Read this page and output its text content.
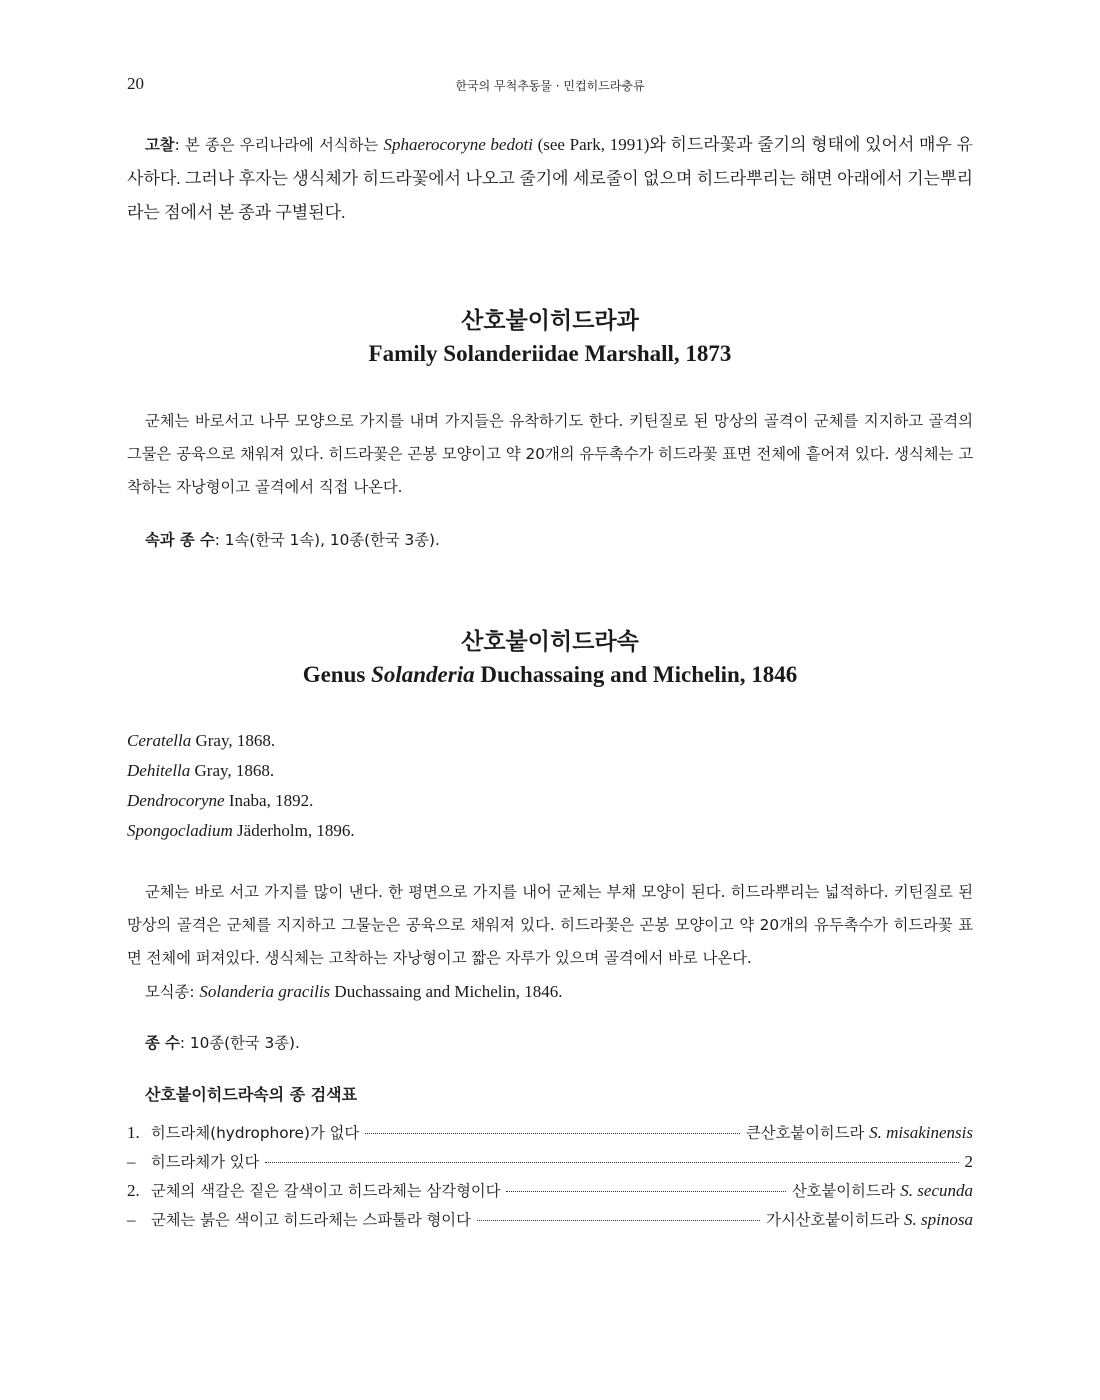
20	한국의 무척추동물 · 민컵히드라충류

고찰: 본 종은 우리나라에 서식하는 Sphaerocoryne bedoti (see Park, 1991)와 히드라꽃과 줄기의 형태에 있어서 매우 유사하다. 그러나 후자는 생식체가 히드라꽃에서 나오고 줄기에 세로줄이 없으며 히드라뿌리는 해면 아래에서 기는뿌리라는 점에서 본 종과 구별된다.

산호붙이히드라과
Family Solanderiidae Marshall, 1873

군체는 바로서고 나무 모양으로 가지를 내며 가지들은 유착하기도 한다. 키틴질로 된 망상의 골격이 군체를 지지하고 골격의 그물은 공육으로 채워져 있다. 히드라꽃은 곤봉 모양이고 약 20개의 유두촉수가 히드라꽃 표면 전체에 흩어져 있다. 생식체는 고착하는 자낭형이고 골격에서 직접 나온다.

속과 종 수: 1속(한국 1속), 10종(한국 3종).

산호붙이히드라속
Genus Solanderia Duchassaing and Michelin, 1846

Ceratella Gray, 1868.

Dehitella Gray, 1868.

Dendrocoryne Inaba, 1892.

Spongocladium Jäderholm, 1896.

군체는 바로 서고 가지를 많이 낸다. 한 평면으로 가지를 내어 군체는 부채 모양이 된다. 히드라뿌리는 넓적하다. 키틴질로 된 망상의 골격은 군체를 지지하고 그물눈은 공육으로 채워져 있다. 히드라꽃은 곤봉 모양이고 약 20개의 유두촉수가 히드라꽃 표면 전체에 퍼져있다. 생식체는 고착하는 자낭형이고 짧은 자루가 있으며 골격에서 바로 나온다.

모식종: Solanderia gracilis Duchassaing and Michelin, 1846.

종 수: 10종(한국 3종).

산호붙이히드라속의 종 검색표

1. 히드라체(hydrophore)가 없다	큰산호붙이히드라 S. misakinensis
–	히드라체가 있다	2
2. 군체의 색갈은 짙은 갈색이고 히드라체는 삼각형이다	산호붙이히드라 S. secunda
–	군체는 붉은 색이고 히드라체는 스파툴라 형이다	가시산호붙이히드라 S. spinosa
